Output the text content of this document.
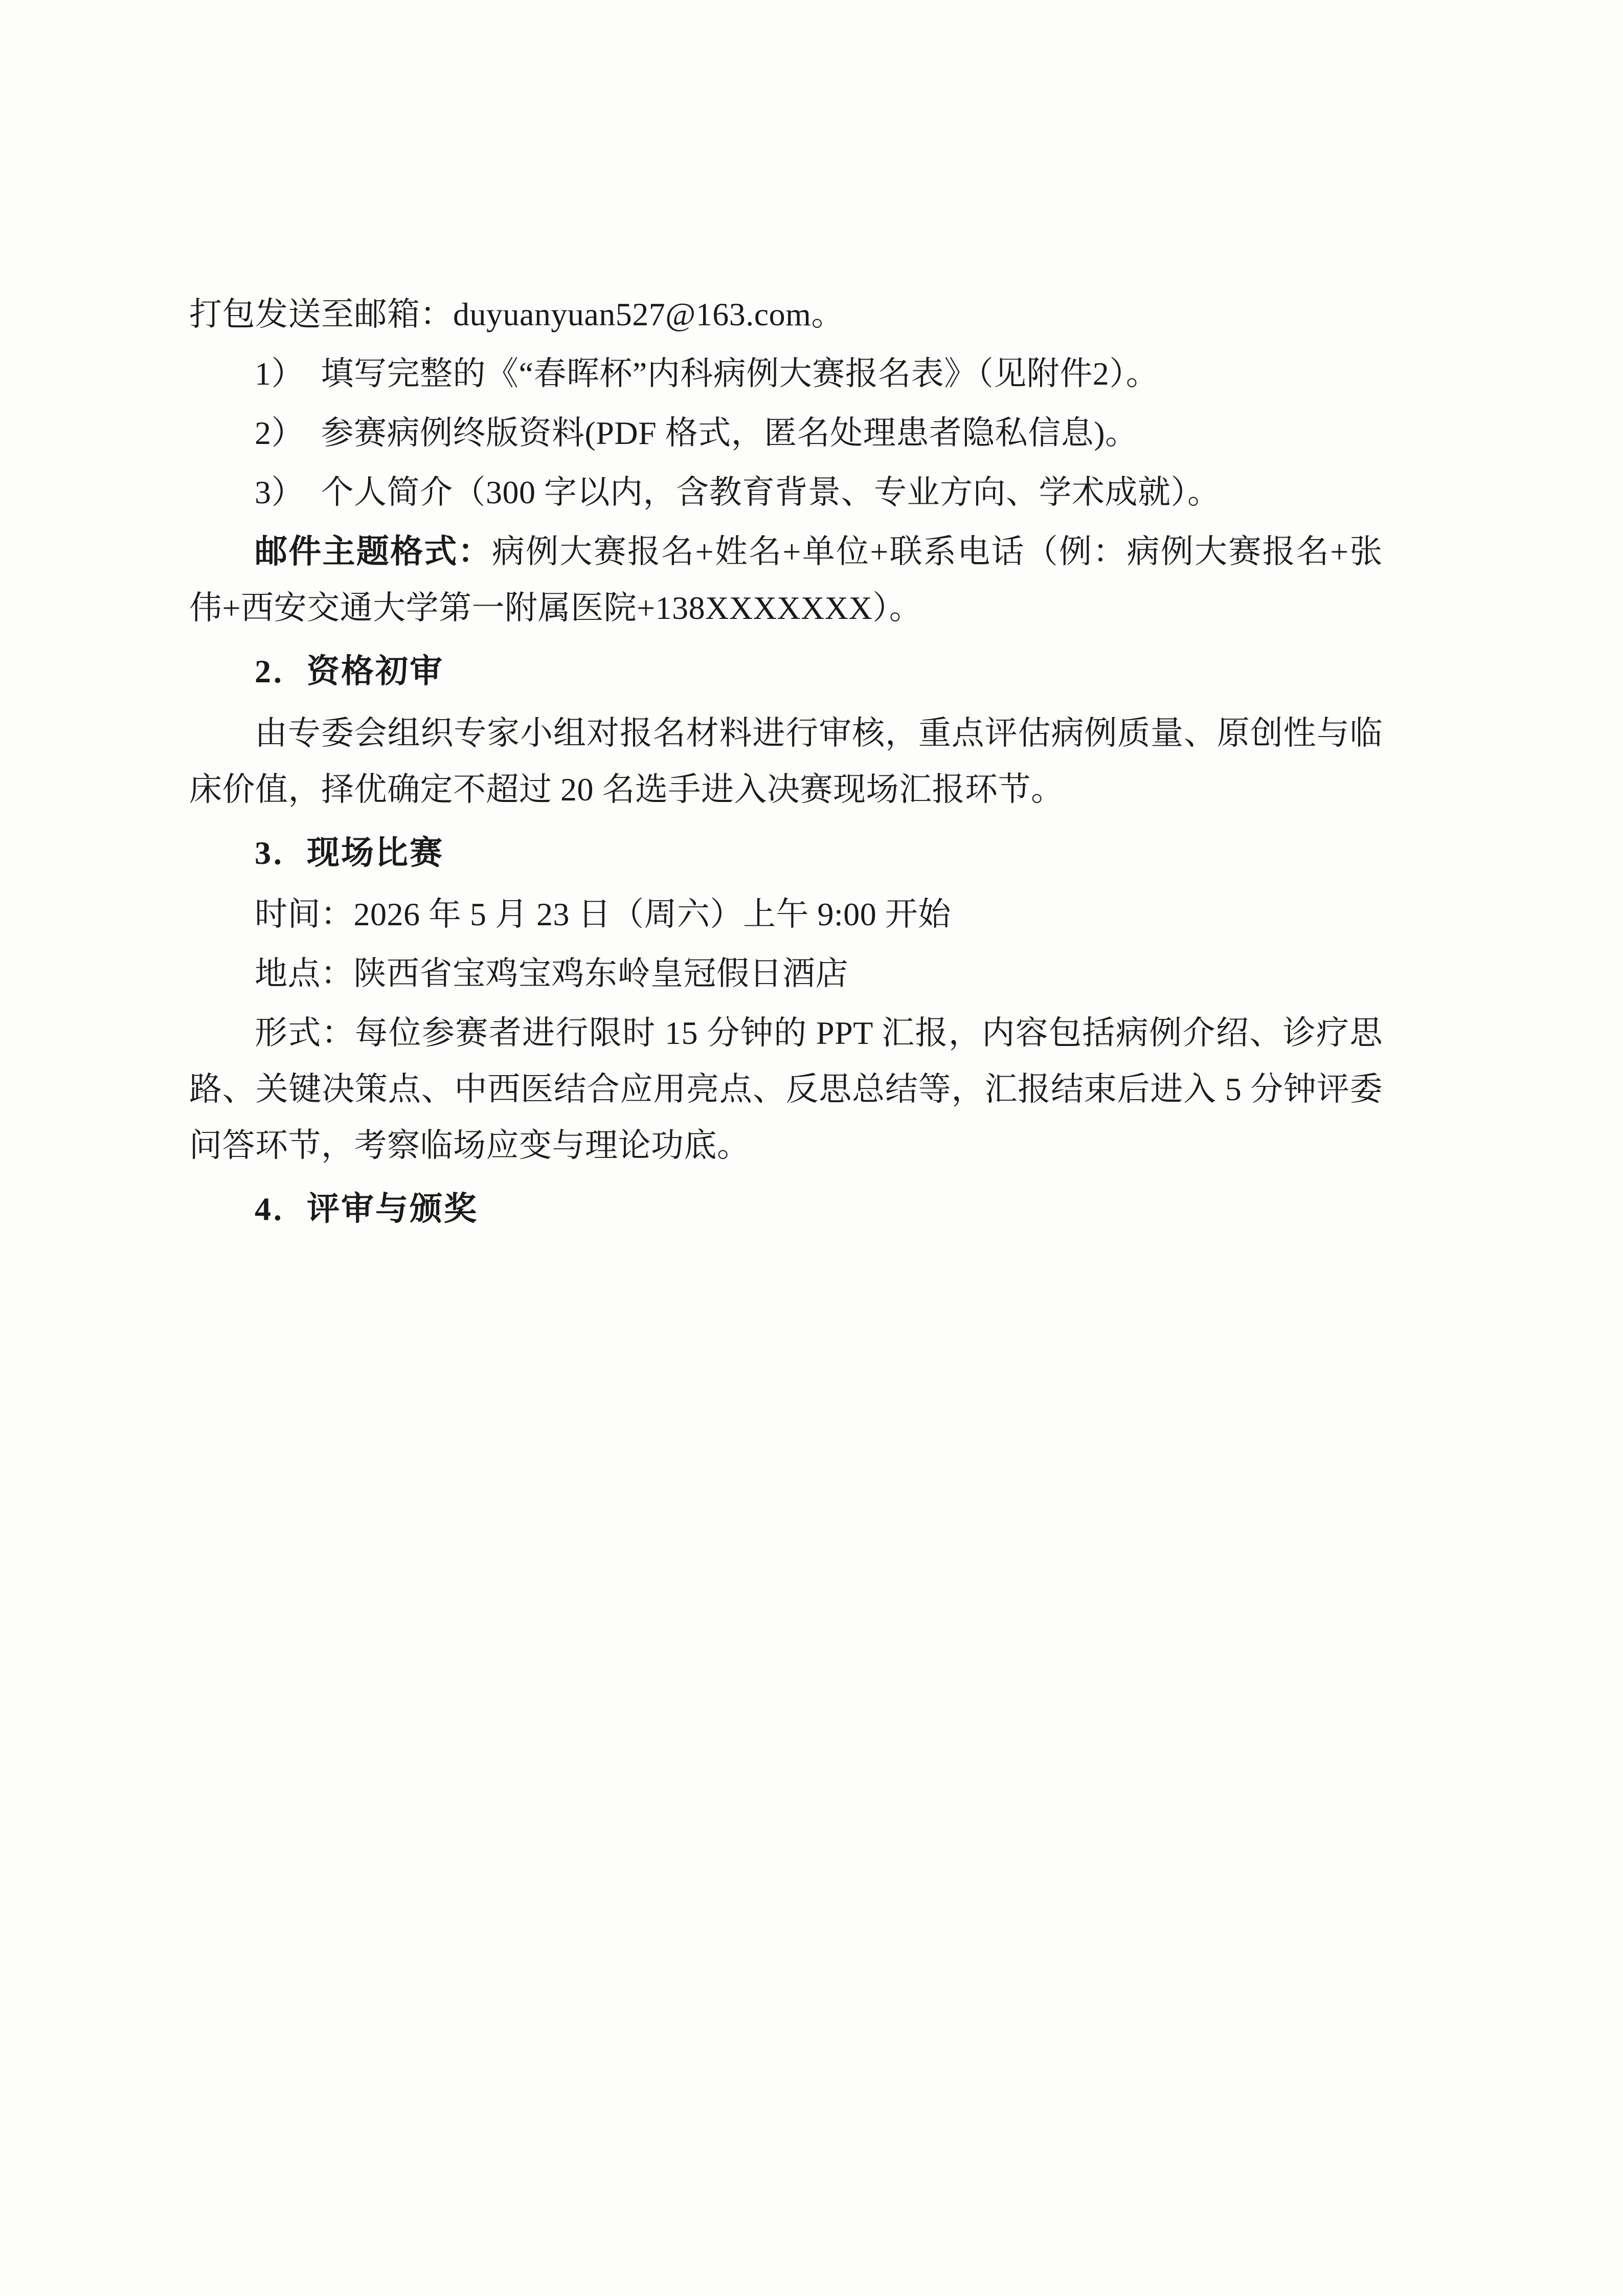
打包发送至邮箱：duyuanyuan527@163.com。

1）　填写完整的《“春晖杯”内科病例大赛报名表》（见附件2）。

2）　参赛病例终版资料(PDF 格式，匿名处理患者隐私信息)。

3）　个人简介（300 字以内，含教育背景、专业方向、学术成就）。

邮件主题格式：病例大赛报名+姓名+单位+联系电话（例：病例大赛报名+张伟+西安交通大学第一附属医院+138XXXXXXX）。

2．资格初审

由专委会组织专家小组对报名材料进行审核，重点评估病例质量、原创性与临床价值，择优确定不超过 20 名选手进入决赛现场汇报环节。

3．现场比赛

时间：2026 年 5 月 23 日（周六）上午 9:00 开始

地点：陕西省宝鸡宝鸡东岭皇冠假日酒店

形式：每位参赛者进行限时 15 分钟的 PPT 汇报，内容包括病例介绍、诊疗思路、关键决策点、中西医结合应用亮点、反思总结等，汇报结束后进入 5 分钟评委问答环节，考察临场应变与理论功底。

4．评审与颁奖
